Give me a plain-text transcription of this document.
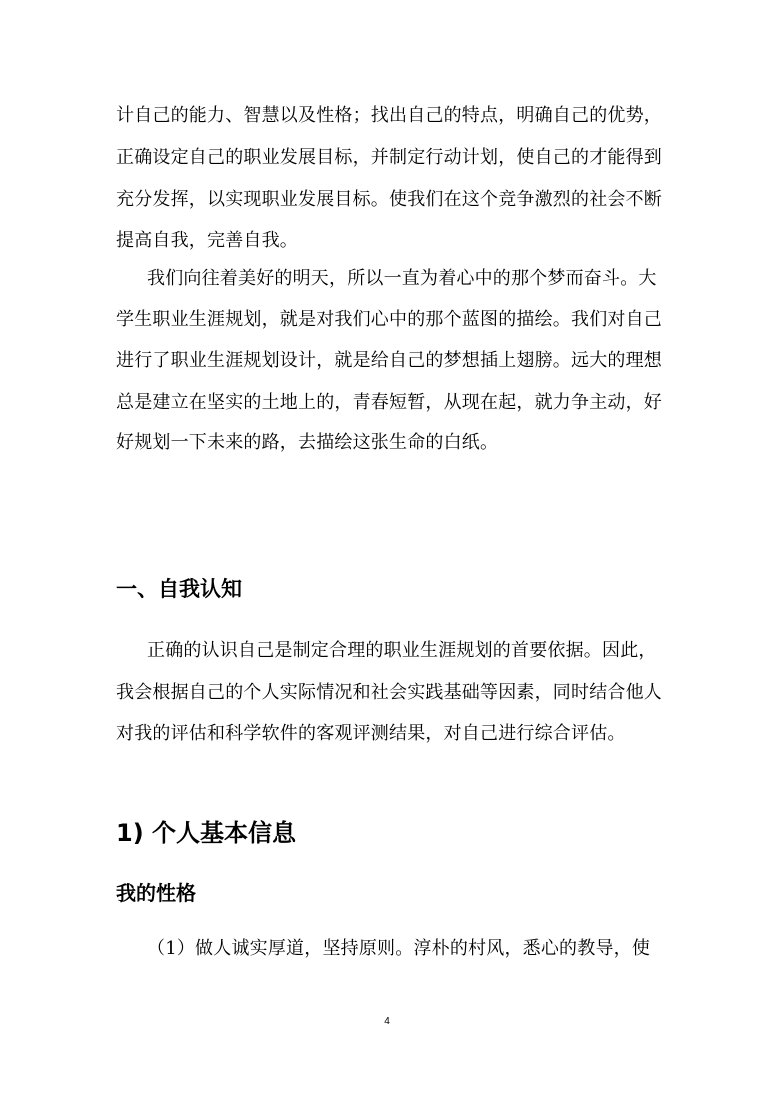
计自己的能力、智慧以及性格；找出自己的特点，明确自己的优势，
正确设定自己的职业发展目标，并制定行动计划，使自己的才能得到
充分发挥，以实现职业发展目标。使我们在这个竞争激烈的社会不断
提高自我，完善自我。
我们向往着美好的明天，所以一直为着心中的那个梦而奋斗。大
学生职业生涯规划，就是对我们心中的那个蓝图的描绘。我们对自己
进行了职业生涯规划设计，就是给自己的梦想插上翅膀。远大的理想
总是建立在坚实的土地上的，青春短暂，从现在起，就力争主动，好
好规划一下未来的路，去描绘这张生命的白纸。
一、自我认知
正确的认识自己是制定合理的职业生涯规划的首要依据。因此，
我会根据自己的个人实际情况和社会实践基础等因素，同时结合他人
对我的评估和科学软件的客观评测结果，对自己进行综合评估。
1) 个人基本信息
我的性格
（1）做人诚实厚道，坚持原则。淳朴的村风，悉心的教导，使
4
